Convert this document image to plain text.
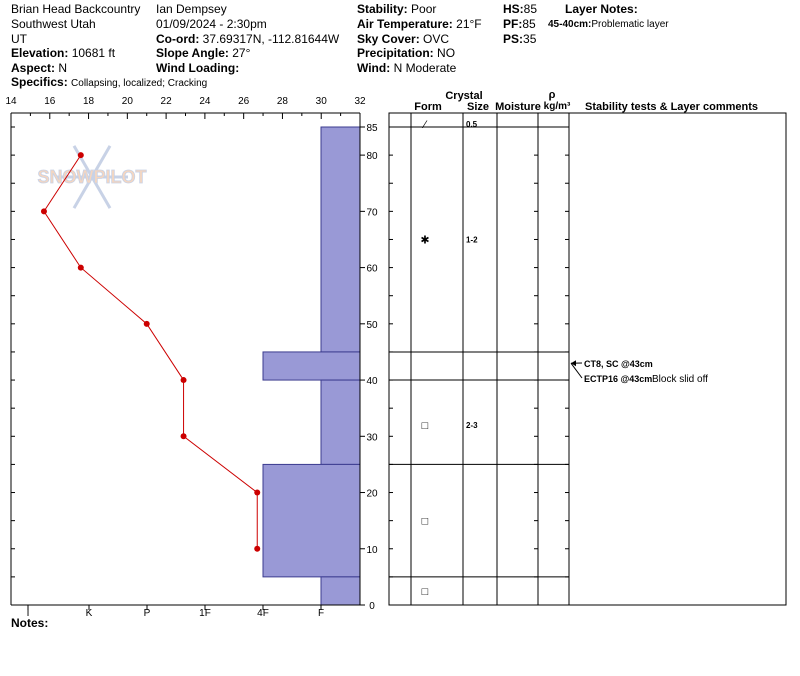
Brian Head Backcountry
Southwest Utah
UT
Elevation: 10681 ft
Aspect: N
Specifics: Collapsing, localized; Cracking
Ian Dempsey
01/09/2024 - 2:30pm
Co-ord: 37.69317N, -112.81644W
Slope Angle: 27°
Wind Loading:
Stability: Poor
Air Temperature: 21°F
Sky Cover: OVC
Precipitation: NO
Wind: N Moderate
HS:85
PF:85
PS:35
Layer Notes:
45-40cm:Problematic layer
SNOWPILOT
14	16	18	20	22	24	26	28	30	32
0
10
20
30
40
50
60
70
80
85
I	K	P	1F	4F	F
Crystal
Form Size Moisture
ρ
kg/m³ Stability tests & Layer comments
⁄	0.5
✱	1-2
□	2-3
□
□
CT8, SC @43cm
ECTP16 @43cm Block slid off
Notes:
